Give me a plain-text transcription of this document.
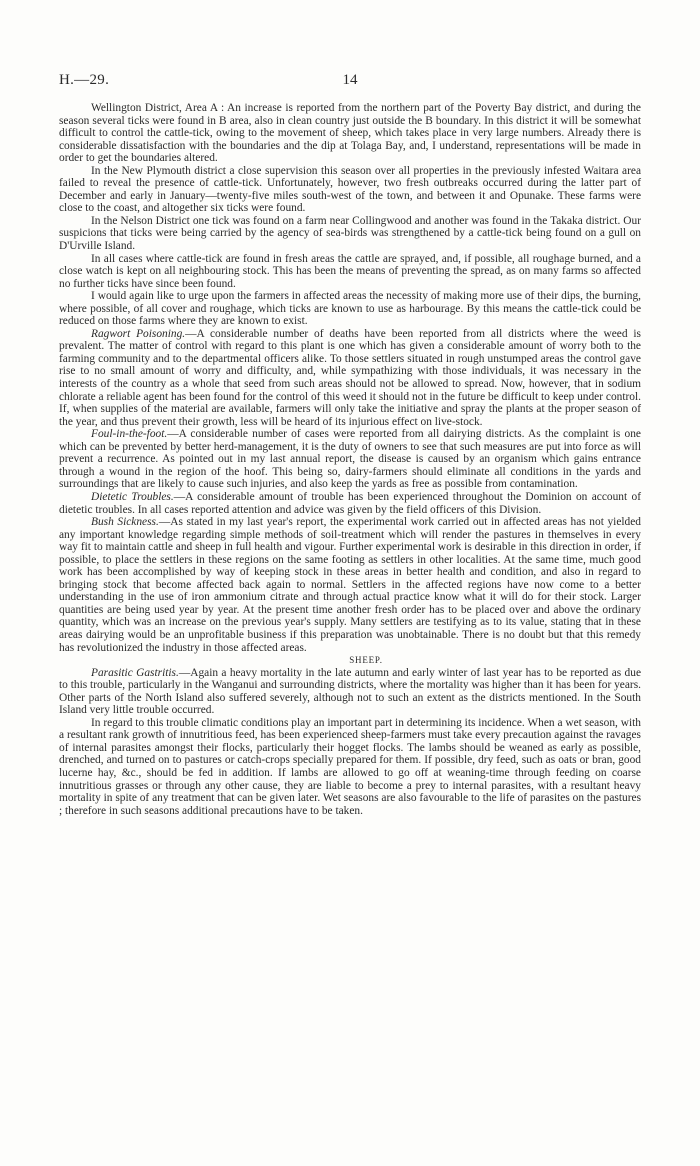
H.—29.	14

Wellington District, Area A : An increase is reported from the northern part of the Poverty Bay district, and during the season several ticks were found in B area, also in clean country just outside the B boundary. In this district it will be somewhat difficult to control the cattle-tick, owing to the movement of sheep, which takes place in very large numbers. Already there is considerable dissatisfaction with the boundaries and the dip at Tolaga Bay, and, I understand, representations will be made in order to get the boundaries altered.

In the New Plymouth district a close supervision this season over all properties in the previously infested Waitara area failed to reveal the presence of cattle-tick. Unfortunately, however, two fresh outbreaks occurred during the latter part of December and early in January—twenty-five miles south-west of the town, and between it and Opunake. These farms were close to the coast, and altogether six ticks were found.

In the Nelson District one tick was found on a farm near Collingwood and another was found in the Takaka district. Our suspicions that ticks were being carried by the agency of sea-birds was strengthened by a cattle-tick being found on a gull on D'Urville Island.

In all cases where cattle-tick are found in fresh areas the cattle are sprayed, and, if possible, all roughage burned, and a close watch is kept on all neighbouring stock. This has been the means of preventing the spread, as on many farms so affected no further ticks have since been found.

I would again like to urge upon the farmers in affected areas the necessity of making more use of their dips, the burning, where possible, of all cover and roughage, which ticks are known to use as harbourage. By this means the cattle-tick could be reduced on those farms where they are known to exist.

Ragwort Poisoning.—A considerable number of deaths have been reported from all districts where the weed is prevalent. The matter of control with regard to this plant is one which has given a considerable amount of worry both to the farming community and to the departmental officers alike. To those settlers situated in rough unstumped areas the control gave rise to no small amount of worry and difficulty, and, while sympathizing with those individuals, it was necessary in the interests of the country as a whole that seed from such areas should not be allowed to spread. Now, however, that in sodium chlorate a reliable agent has been found for the control of this weed it should not in the future be difficult to keep under control. If, when supplies of the material are available, farmers will only take the initiative and spray the plants at the proper season of the year, and thus prevent their growth, less will be heard of its injurious effect on live-stock.

Foul-in-the-foot.—A considerable number of cases were reported from all dairying districts. As the complaint is one which can be prevented by better herd-management, it is the duty of owners to see that such measures are put into force as will prevent a recurrence. As pointed out in my last annual report, the disease is caused by an organism which gains entrance through a wound in the region of the hoof. This being so, dairy-farmers should eliminate all conditions in the yards and surroundings that are likely to cause such injuries, and also keep the yards as free as possible from contamination.

Dietetic Troubles.—A considerable amount of trouble has been experienced throughout the Dominion on account of dietetic troubles. In all cases reported attention and advice was given by the field officers of this Division.

Bush Sickness.—As stated in my last year's report, the experimental work carried out in affected areas has not yielded any important knowledge regarding simple methods of soil-treatment which will render the pastures in themselves in every way fit to maintain cattle and sheep in full health and vigour. Further experimental work is desirable in this direction in order, if possible, to place the settlers in these regions on the same footing as settlers in other localities. At the same time, much good work has been accomplished by way of keeping stock in these areas in better health and condition, and also in regard to bringing stock that become affected back again to normal. Settlers in the affected regions have now come to a better understanding in the use of iron ammonium citrate and through actual practice know what it will do for their stock. Larger quantities are being used year by year. At the present time another fresh order has to be placed over and above the ordinary quantity, which was an increase on the previous year's supply. Many settlers are testifying as to its value, stating that in these areas dairying would be an unprofitable business if this preparation was unobtainable. There is no doubt but that this remedy has revolutionized the industry in those affected areas.

SHEEP.

Parasitic Gastritis.—Again a heavy mortality in the late autumn and early winter of last year has to be reported as due to this trouble, particularly in the Wanganui and surrounding districts, where the mortality was higher than it has been for years. Other parts of the North Island also suffered severely, although not to such an extent as the districts mentioned. In the South Island very little trouble occurred.

In regard to this trouble climatic conditions play an important part in determining its incidence. When a wet season, with a resultant rank growth of innutritious feed, has been experienced sheep-farmers must take every precaution against the ravages of internal parasites amongst their flocks, particularly their hogget flocks. The lambs should be weaned as early as possible, drenched, and turned on to pastures or catch-crops specially prepared for them. If possible, dry feed, such as oats or bran, good lucerne hay, &c., should be fed in addition. If lambs are allowed to go off at weaning-time through feeding on coarse innutritious grasses or through any other cause, they are liable to become a prey to internal parasites, with a resultant heavy mortality in spite of any treatment that can be given later. Wet seasons are also favourable to the life of parasites on the pastures ; therefore in such seasons additional precautions have to be taken.
